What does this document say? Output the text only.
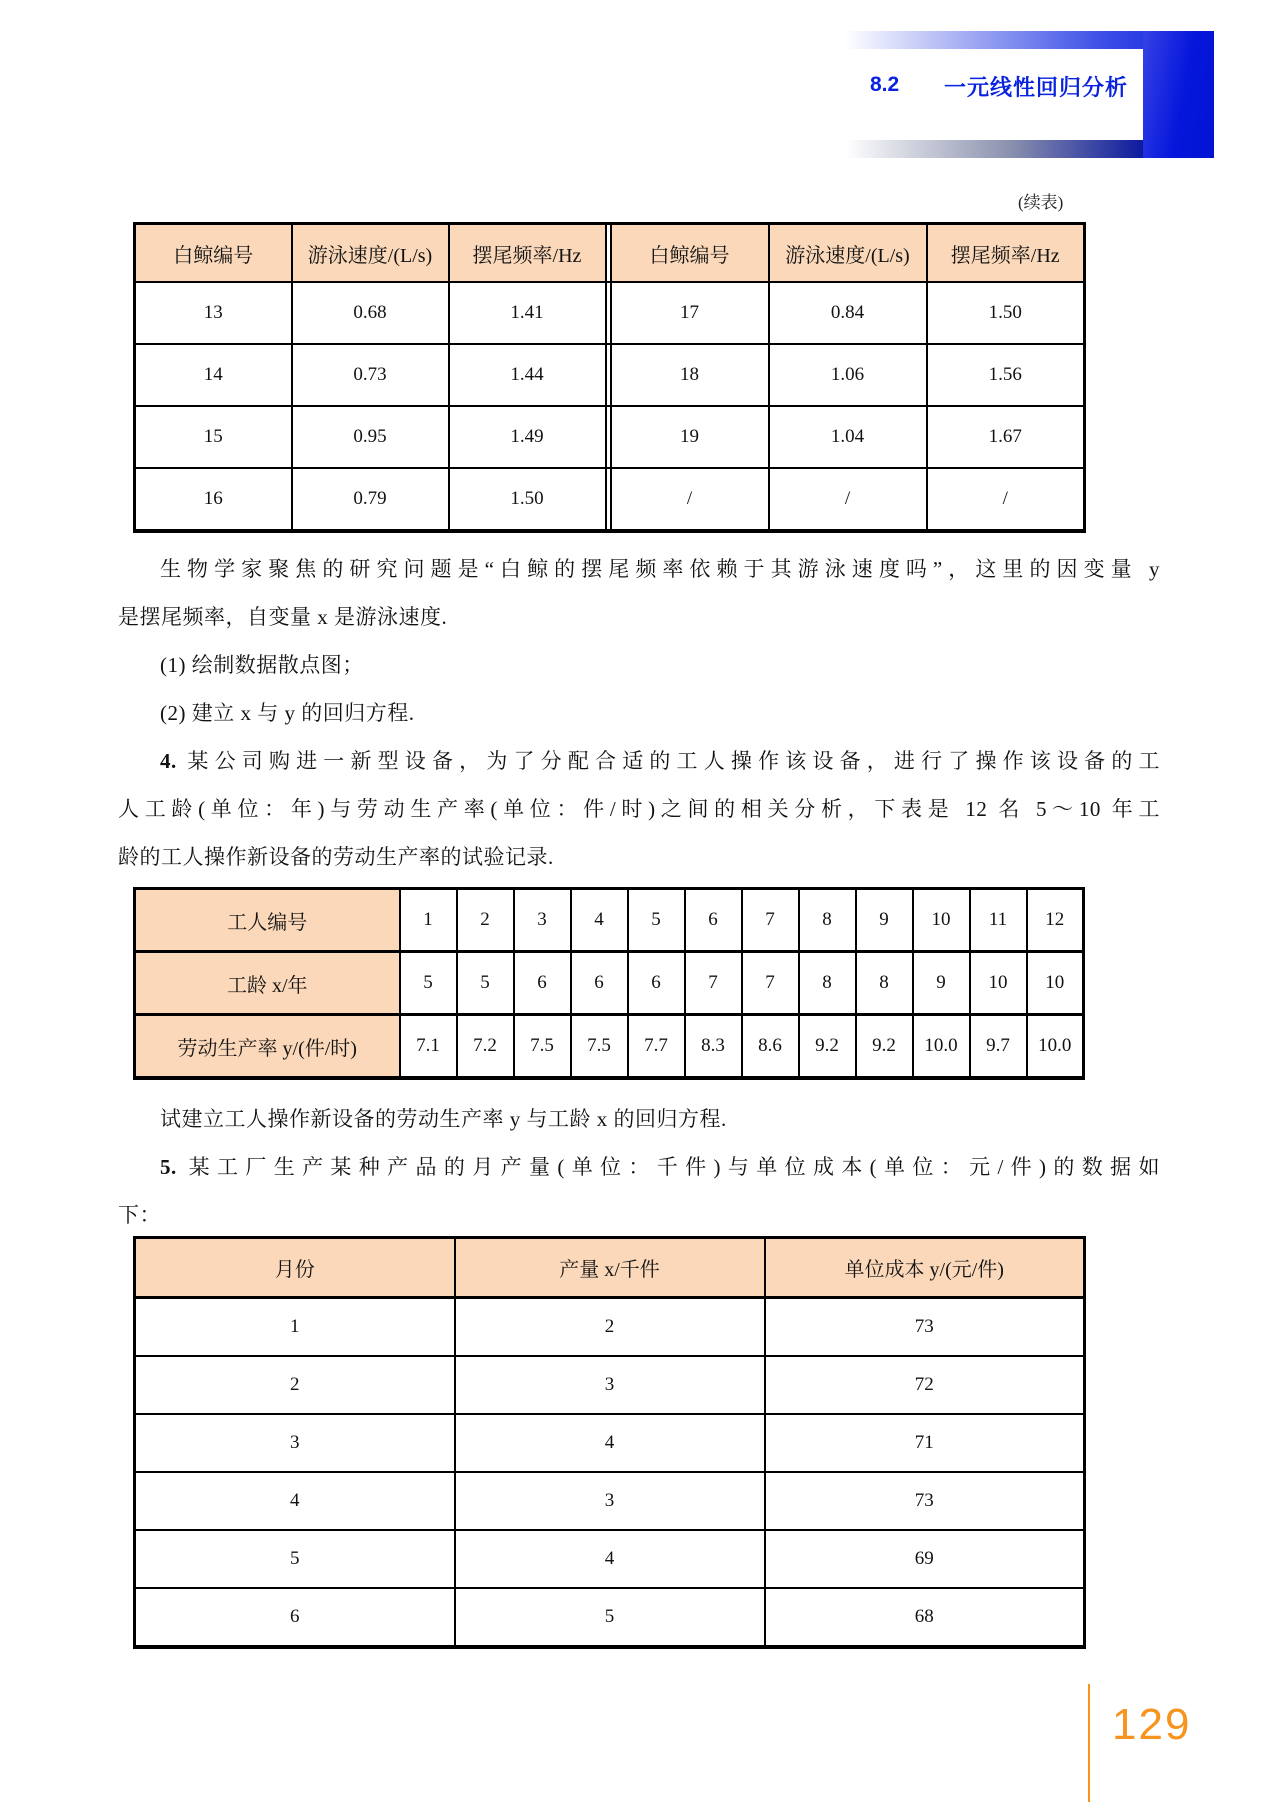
8.2 一元线性回归分析
(续表)
白鲸编号	游泳速度/(L/s)	摆尾频率/Hz		白鲸编号	游泳速度/(L/s)	摆尾频率/Hz
13	0.68	1.41		17	0.84	1.50
14	0.73	1.44		18	1.06	1.56
15	0.95	1.49		19	1.04	1.67
16	0.79	1.50		/	/	/
生物学家聚焦的研究问题是“白鲸的摆尾频率依赖于其游泳速度吗”，这里的因变量 y
是摆尾频率，自变量 x 是游泳速度.
(1) 绘制数据散点图；
(2) 建立 x 与 y 的回归方程.
4. 某公司购进一新型设备，为了分配合适的工人操作该设备，进行了操作该设备的工
人工龄(单位：年)与劳动生产率(单位：件/时)之间的相关分析，下表是 12 名 5～10 年工
龄的工人操作新设备的劳动生产率的试验记录.
工人编号	1	2	3	4	5	6	7	8	9	10	11	12
工龄 x/年	5	5	6	6	6	7	7	8	8	9	10	10
劳动生产率 y/(件/时)	7.1	7.2	7.5	7.5	7.7	8.3	8.6	9.2	9.2	10.0	9.7	10.0
试建立工人操作新设备的劳动生产率 y 与工龄 x 的回归方程.
5. 某工厂生产某种产品的月产量(单位：千件)与单位成本(单位：元/件)的数据如
下：
月份	产量 x/千件	单位成本 y/(元/件)
1	2	73
2	3	72
3	4	71
4	3	73
5	4	69
6	5	68
129
